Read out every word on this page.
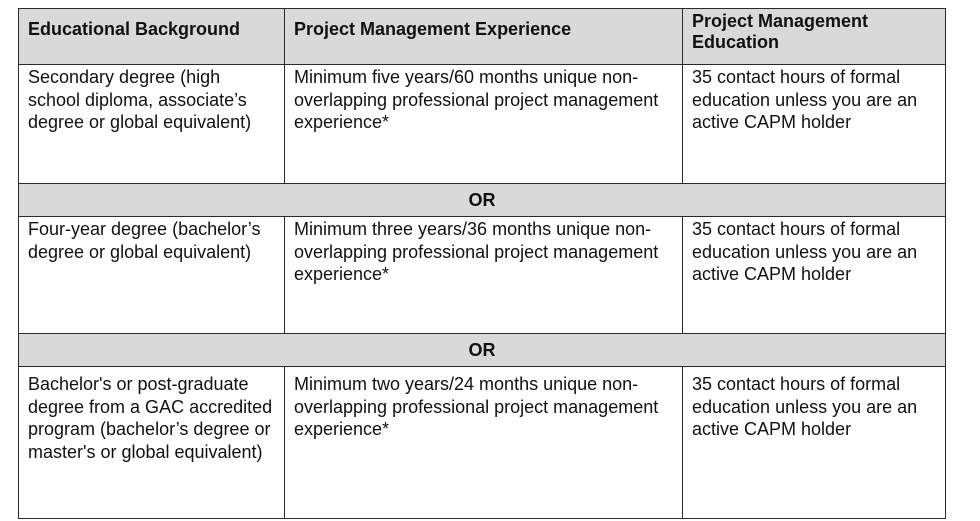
Educational Background	Project Management Experience	Project Management Education
Secondary degree (high school diploma, associate’s degree or global equivalent)	Minimum five years/60 months unique non-overlapping professional project management experience*	35 contact hours of formal education unless you are an active CAPM holder
OR		
Four-year degree (bachelor’s degree or global equivalent)	Minimum three years/36 months unique non-overlapping professional project management experience*	35 contact hours of formal education unless you are an active CAPM holder
OR		
Bachelor's or post-graduate degree from a GAC accredited program (bachelor’s degree or master's or global equivalent)	Minimum two years/24 months unique non-overlapping professional project management experience*	35 contact hours of formal education unless you are an active CAPM holder
